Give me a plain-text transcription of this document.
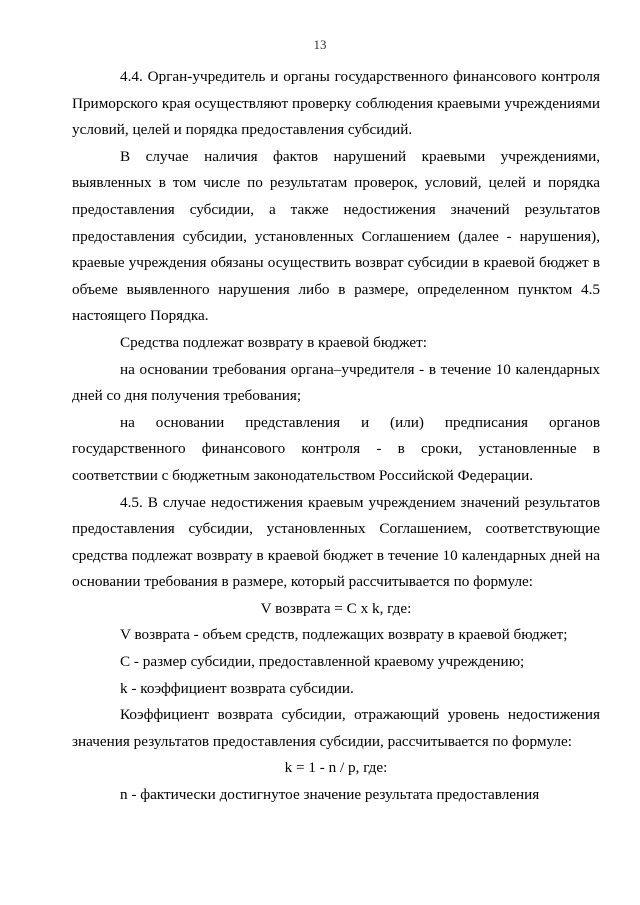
13

4.4. Орган-учредитель и органы государственного финансового контроля Приморского края осуществляют проверку соблюдения краевыми учреждениями условий, целей и порядка предоставления субсидий.

В случае наличия фактов нарушений краевыми учреждениями, выявленных в том числе по результатам проверок, условий, целей и порядка предоставления субсидии, а также недостижения значений результатов предоставления субсидии, установленных Соглашением (далее - нарушения), краевые учреждения обязаны осуществить возврат субсидии в краевой бюджет в объеме выявленного нарушения либо в размере, определенном пунктом 4.5 настоящего Порядка.

Средства подлежат возврату в краевой бюджет:

на основании требования органа–учредителя - в течение 10 календарных дней со дня получения требования;

на основании представления и (или) предписания органов государственного финансового контроля - в сроки, установленные в соответствии с бюджетным законодательством Российской Федерации.

4.5. В случае недостижения краевым учреждением значений результатов предоставления субсидии, установленных Соглашением, соответствующие средства подлежат возврату в краевой бюджет в течение 10 календарных дней на основании требования в размере, который рассчитывается по формуле:

V возврата = C x k, где:

V возврата - объем средств, подлежащих возврату в краевой бюджет;

C - размер субсидии, предоставленной краевому учреждению;

k - коэффициент возврата субсидии.

Коэффициент возврата субсидии, отражающий уровень недостижения значения результатов предоставления субсидии, рассчитывается по формуле:

k = 1 - n / p, где:

n - фактически достигнутое значение результата предоставления
